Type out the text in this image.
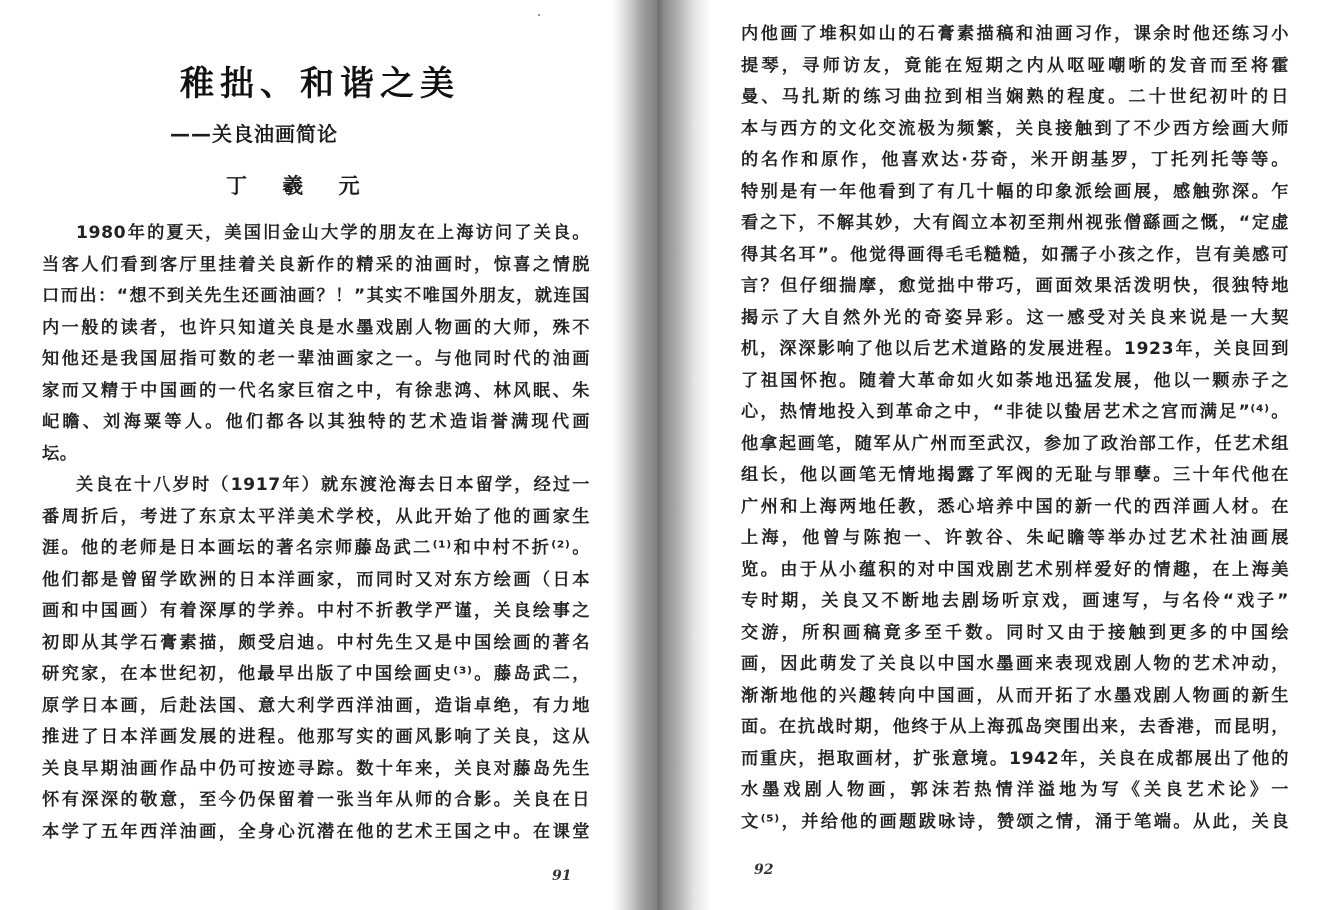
稚拙、和谐之美
——关良油画简论
丁 羲 元
1980年的夏天，美国旧金山大学的朋友在上海访问了关良。
当客人们看到客厅里挂着关良新作的精采的油画时，惊喜之情脱
口而出：“想不到关先生还画油画？！”其实不唯国外朋友，就连国
内一般的读者，也许只知道关良是水墨戏剧人物画的大师，殊不
知他还是我国屈指可数的老一辈油画家之一。与他同时代的油画
家而又精于中国画的一代名家巨宿之中，有徐悲鸿、林风眠、朱
屺瞻、刘海粟等人。他们都各以其独特的艺术造诣誉满现代画
坛。
关良在十八岁时（1917年）就东渡沧海去日本留学，经过一
番周折后，考进了东京太平洋美术学校，从此开始了他的画家生
涯。他的老师是日本画坛的著名宗师藤岛武二⁽¹⁾和中村不折⁽²⁾。
他们都是曾留学欧洲的日本洋画家，而同时又对东方绘画（日本
画和中国画）有着深厚的学养。中村不折教学严谨，关良绘事之
初即从其学石膏素描，颇受启迪。中村先生又是中国绘画的著名
研究家，在本世纪初，他最早出版了中国绘画史⁽³⁾。藤岛武二，
原学日本画，后赴法国、意大利学西洋油画，造诣卓绝，有力地
推进了日本洋画发展的进程。他那写实的画风影响了关良，这从
关良早期油画作品中仍可按迹寻踪。数十年来，关良对藤岛先生
怀有深深的敬意，至今仍保留着一张当年从师的合影。关良在日
本学了五年西洋油画，全身心沉潜在他的艺术王国之中。在课堂
91
内他画了堆积如山的石膏素描稿和油画习作，课余时他还练习小
提琴，寻师访友，竟能在短期之内从呕哑嘲哳的发音而至将霍
曼、马扎斯的练习曲拉到相当娴熟的程度。二十世纪初叶的日
本与西方的文化交流极为频繁，关良接触到了不少西方绘画大师
的名作和原作，他喜欢达·芬奇，米开朗基罗，丁托列托等等。
特别是有一年他看到了有几十幅的印象派绘画展，感触弥深。乍
看之下，不解其妙，大有阎立本初至荆州视张僧繇画之慨，“定虚
得其名耳”。他觉得画得毛毛糙糙，如孺子小孩之作，岂有美感可
言？但仔细揣摩，愈觉拙中带巧，画面效果活泼明快，很独特地
揭示了大自然外光的奇姿异彩。这一感受对关良来说是一大契
机，深深影响了他以后艺术道路的发展进程。1923年，关良回到
了祖国怀抱。随着大革命如火如荼地迅猛发展，他以一颗赤子之
心，热情地投入到革命之中，“非徒以蛰居艺术之宫而满足”⁽⁴⁾。
他拿起画笔，随军从广州而至武汉，参加了政治部工作，任艺术组
组长，他以画笔无情地揭露了军阀的无耻与罪孽。三十年代他在
广州和上海两地任教，悉心培养中国的新一代的西洋画人材。在
上海，他曾与陈抱一、许敦谷、朱屺瞻等举办过艺术社油画展
览。由于从小蕴积的对中国戏剧艺术别样爱好的情趣，在上海美
专时期，关良又不断地去剧场听京戏，画速写，与名伶“戏子”
交游，所积画稿竟多至千数。同时又由于接触到更多的中国绘
画，因此萌发了关良以中国水墨画来表现戏剧人物的艺术冲动，
渐渐地他的兴趣转向中国画，从而开拓了水墨戏剧人物画的新生
面。在抗战时期，他终于从上海孤岛突围出来，去香港，而昆明，
而重庆，挹取画材，扩张意境。1942年，关良在成都展出了他的
水墨戏剧人物画，郭沫若热情洋溢地为写《关良艺术论》一
文⁽⁵⁾，并给他的画题跋咏诗，赞颂之情，涌于笔端。从此，关良
92
